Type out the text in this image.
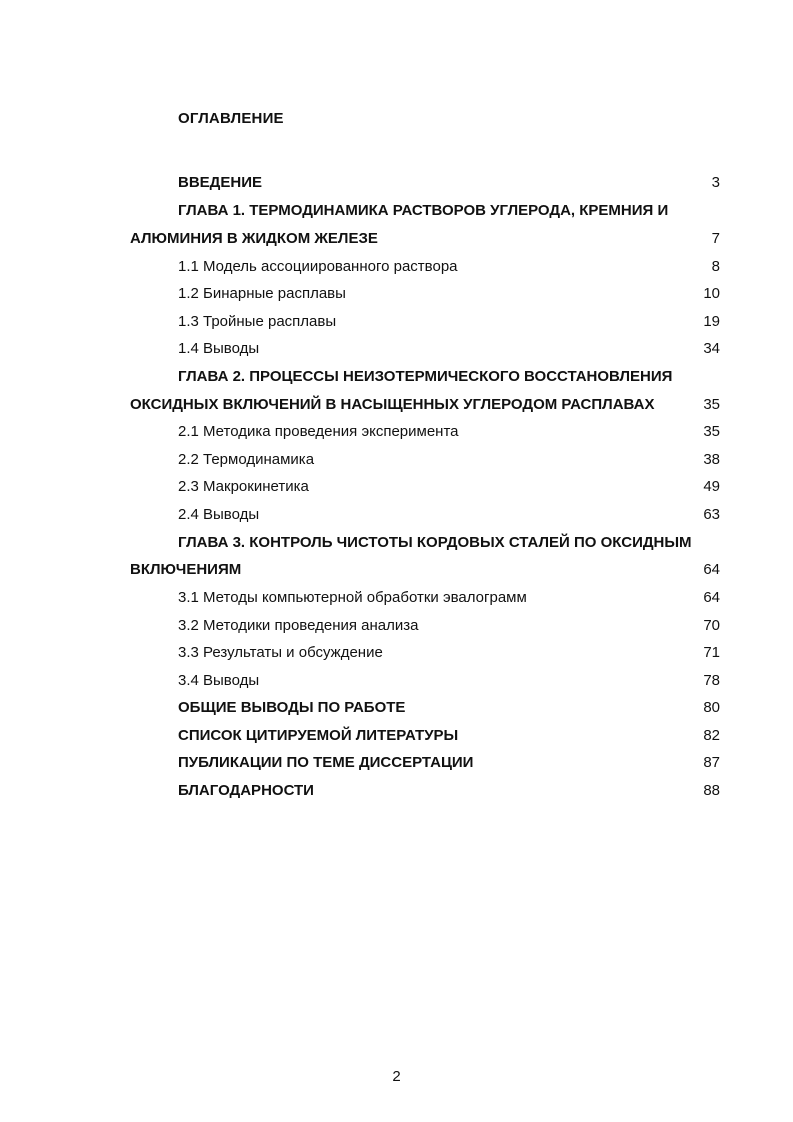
ОГЛАВЛЕНИЕ
ВВЕДЕНИЕ	3
ГЛАВА 1. ТЕРМОДИНАМИКА РАСТВОРОВ УГЛЕРОДА, КРЕМНИЯ И
АЛЮМИНИЯ В ЖИДКОМ ЖЕЛЕЗЕ	7
1.1 Модель ассоциированного раствора	8
1.2 Бинарные расплавы	10
1.3 Тройные расплавы	19
1.4 Выводы	34
ГЛАВА 2. ПРОЦЕССЫ НЕИЗОТЕРМИЧЕСКОГО ВОССТАНОВЛЕНИЯ
ОКСИДНЫХ ВКЛЮЧЕНИЙ В НАСЫЩЕННЫХ УГЛЕРОДОМ РАСПЛАВАХ	35
2.1 Методика проведения эксперимента	35
2.2 Термодинамика	38
2.3 Макрокинетика	49
2.4 Выводы	63
ГЛАВА 3. КОНТРОЛЬ ЧИСТОТЫ КОРДОВЫХ СТАЛЕЙ ПО ОКСИДНЫМ
ВКЛЮЧЕНИЯМ	64
3.1 Методы компьютерной обработки эвалограмм	64
3.2 Методики проведения анализа	70
3.3 Результаты и обсуждение	71
3.4 Выводы	78
ОБЩИЕ ВЫВОДЫ ПО РАБОТЕ	80
СПИСОК ЦИТИРУЕМОЙ ЛИТЕРАТУРЫ	82
ПУБЛИКАЦИИ ПО ТЕМЕ ДИССЕРТАЦИИ	87
БЛАГОДАРНОСТИ	88
2
